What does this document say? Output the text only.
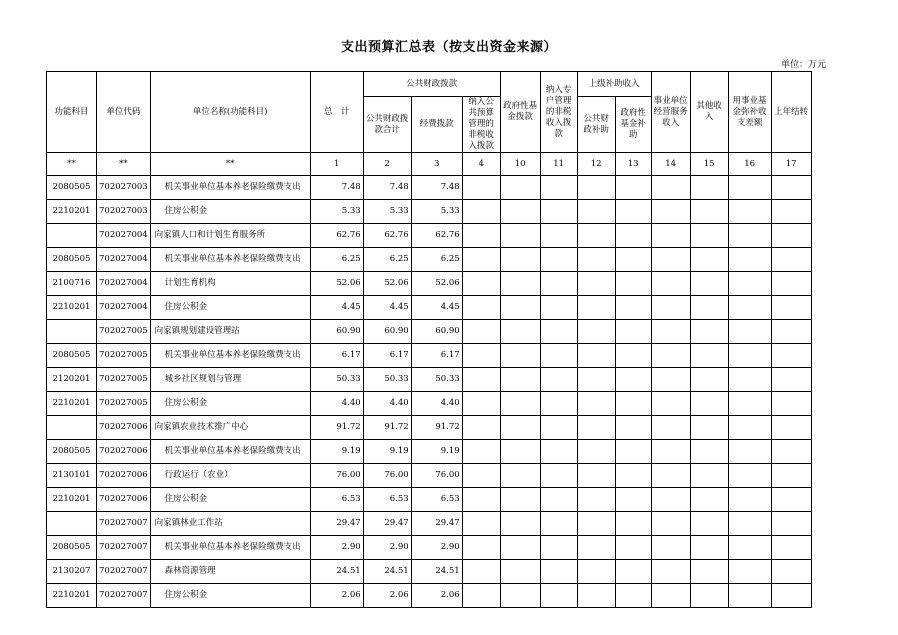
支出预算汇总表（按支出资金来源）
单位：万元
功能科目	单位代码	单位名称(功能科目)	总　计	公共财政拨款			政府性基金拨款	纳入专户管理的非税收入拨款	上级补助收入		事业单位经营服务收入	其他收入	用事业基金弥补收支差额	上年结转
				公共财政拨款合计	经费拨款	纳入公共预算管理的非税收入拨款			公共财政补助	政府性基金补助				
**	**	**	1	2	3	4	10	11	12	13	14	15	16	17
2080505	702027003	机关事业单位基本养老保险缴费支出	7.48	7.48	7.48									
2210201	702027003	住房公积金	5.33	5.33	5.33									
	702027004	向家镇人口和计划生育服务所	62.76	62.76	62.76									
2080505	702027004	机关事业单位基本养老保险缴费支出	6.25	6.25	6.25									
2100716	702027004	计划生育机构	52.06	52.06	52.06									
2210201	702027004	住房公积金	4.45	4.45	4.45									
	702027005	向家镇规划建设管理站	60.90	60.90	60.90									
2080505	702027005	机关事业单位基本养老保险缴费支出	6.17	6.17	6.17									
2120201	702027005	城乡社区规划与管理	50.33	50.33	50.33									
2210201	702027005	住房公积金	4.40	4.40	4.40									
	702027006	向家镇农业技术推广中心	91.72	91.72	91.72									
2080505	702027006	机关事业单位基本养老保险缴费支出	9.19	9.19	9.19									
2130101	702027006	行政运行（农业）	76.00	76.00	76.00									
2210201	702027006	住房公积金	6.53	6.53	6.53									
	702027007	向家镇林业工作站	29.47	29.47	29.47									
2080505	702027007	机关事业单位基本养老保险缴费支出	2.90	2.90	2.90									
2130207	702027007	森林资源管理	24.51	24.51	24.51									
2210201	702027007	住房公积金	2.06	2.06	2.06									
